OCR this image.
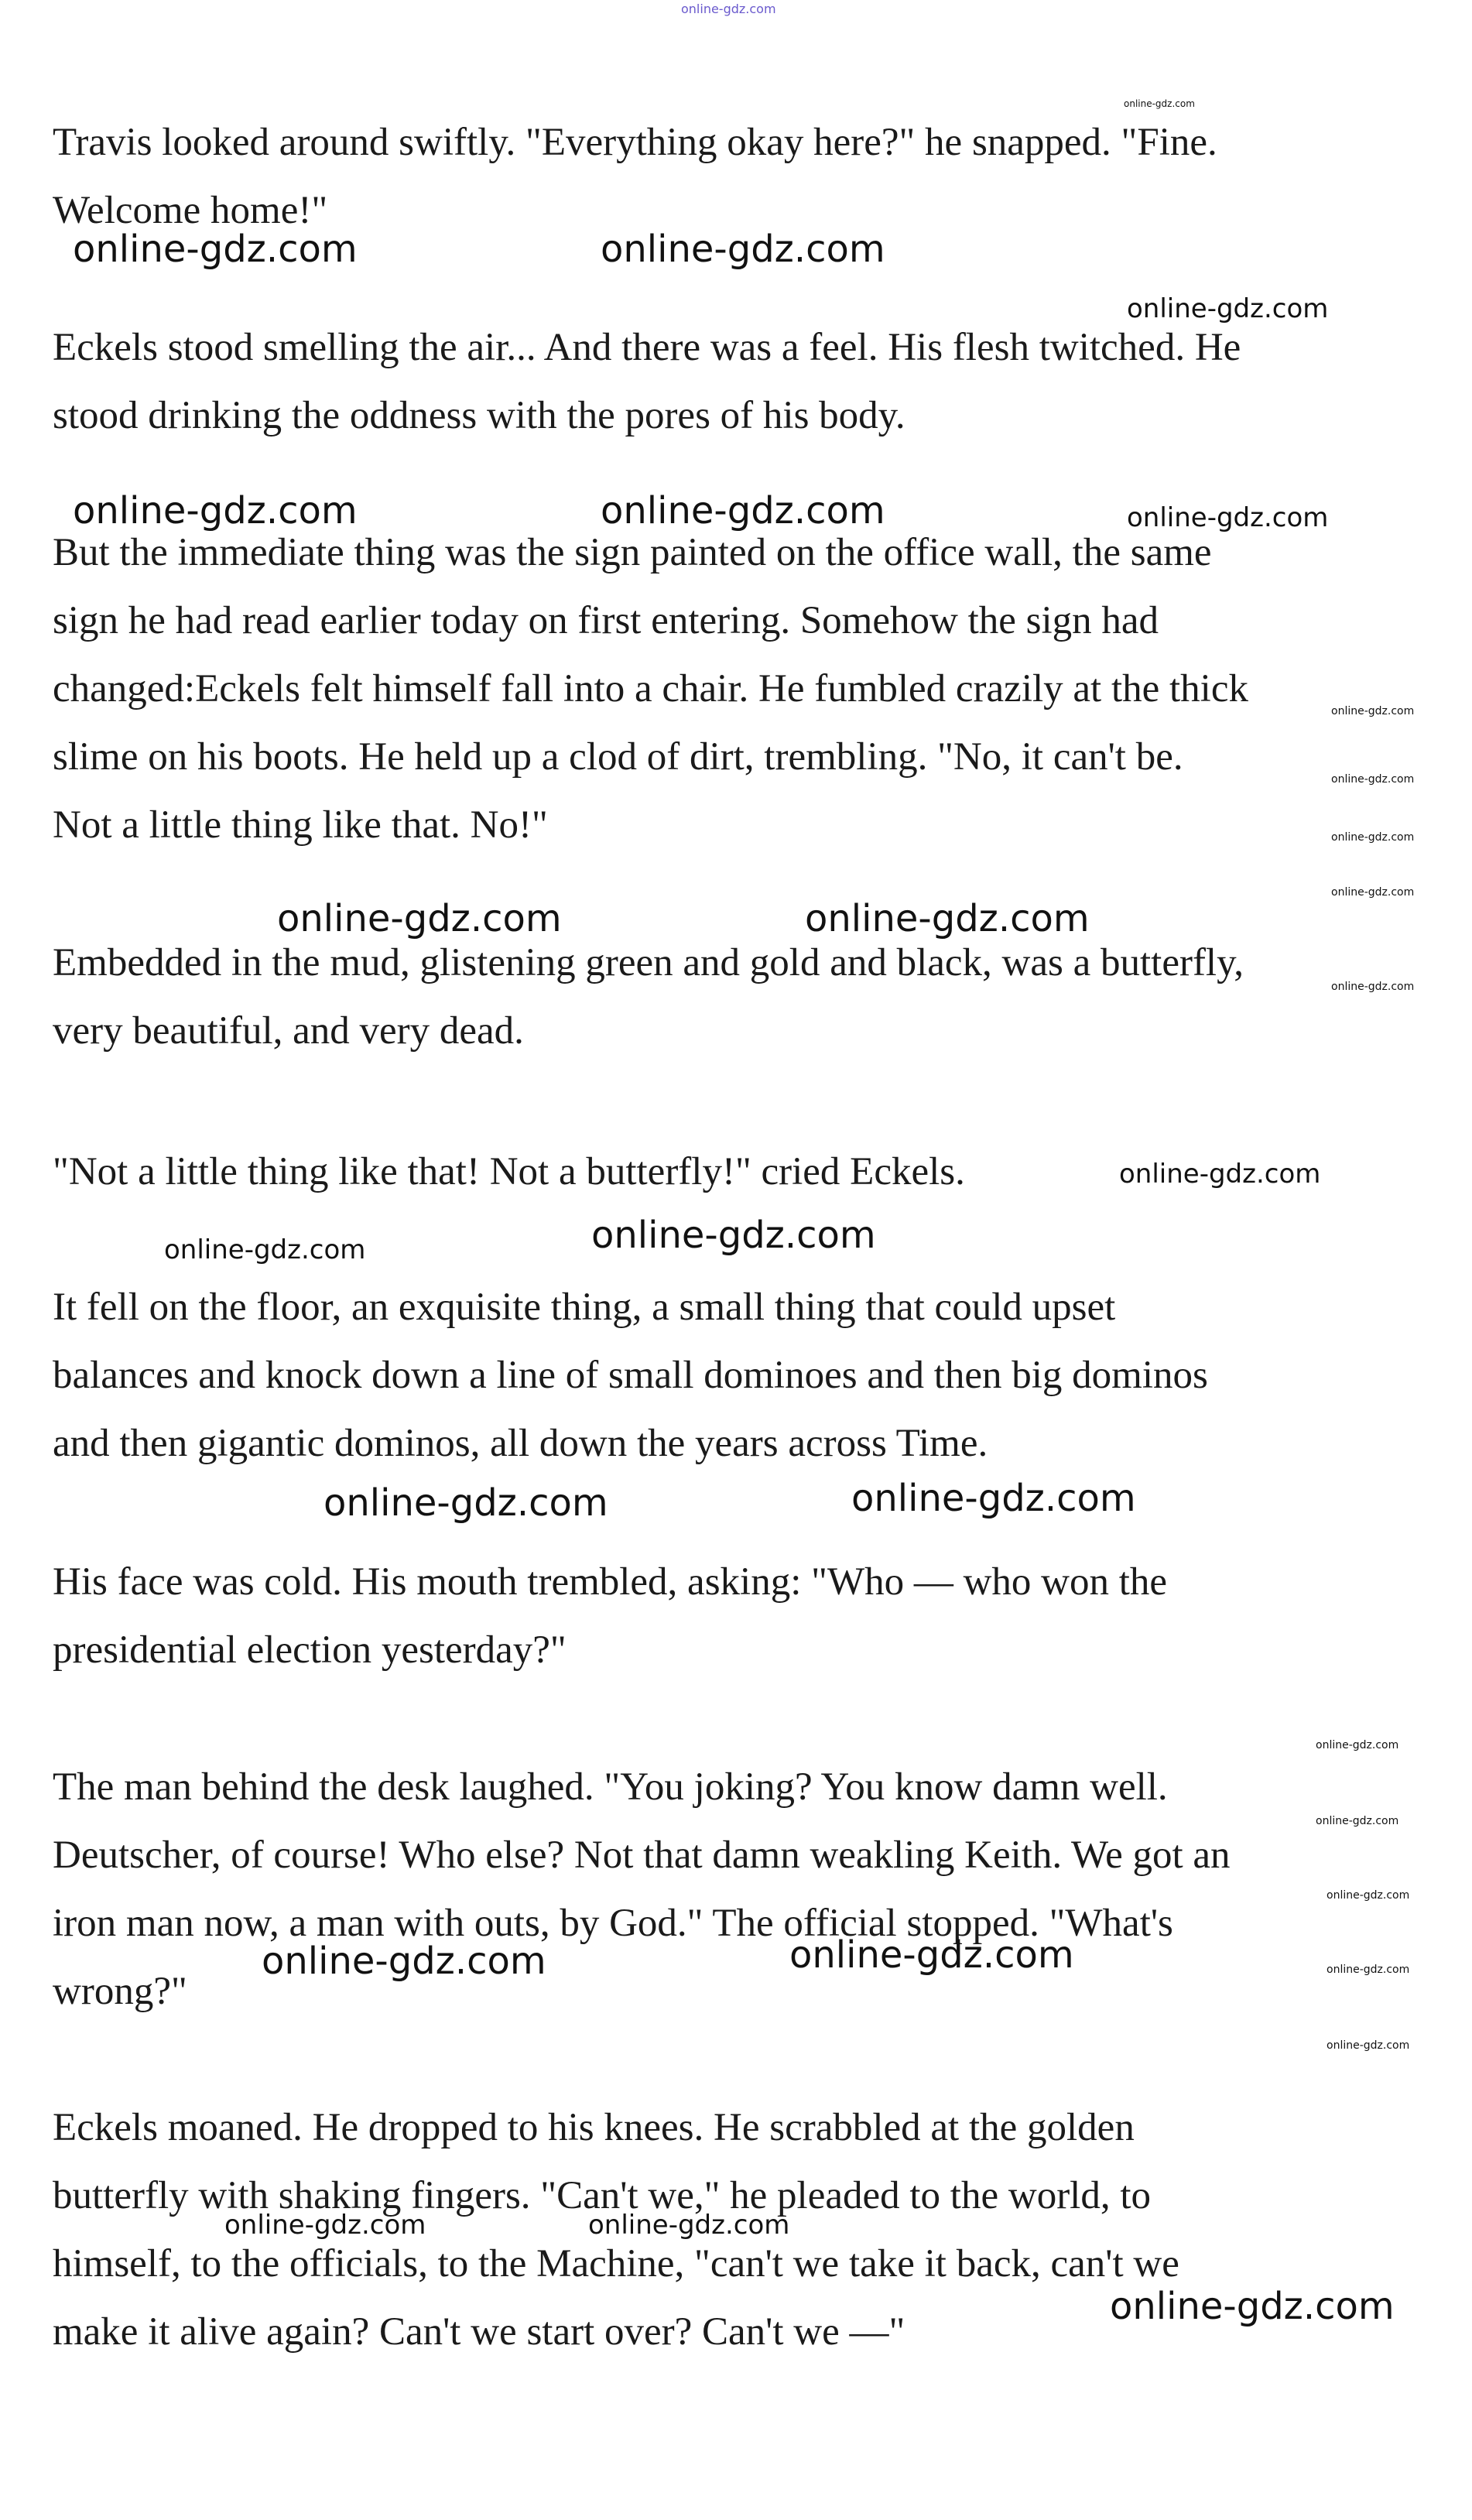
online-gdz.com

Travis looked around swiftly. "Everything okay here?" he snapped. "Fine.
Welcome home!"

Eckels stood smelling the air... And there was a feel. His flesh twitched. He
stood drinking the oddness with the pores of his body.

But the immediate thing was the sign painted on the office wall, the same
sign he had read earlier today on first entering. Somehow the sign had
changed:Eckels felt himself fall into a chair. He fumbled crazily at the thick
slime on his boots. He held up a clod of dirt, trembling. "No, it can't be.
Not a little thing like that. No!"

Embedded in the mud, glistening green and gold and black, was a butterfly,
very beautiful, and very dead.

"Not a little thing like that! Not a butterfly!" cried Eckels.

It fell on the floor, an exquisite thing, a small thing that could upset
balances and knock down a line of small dominoes and then big dominos
and then gigantic dominos, all down the years across Time.

His face was cold. His mouth trembled, asking: "Who — who won the
presidential election yesterday?"

The man behind the desk laughed. "You joking? You know damn well.
Deutscher, of course! Who else? Not that damn weakling Keith. We got an
iron man now, a man with outs, by God." The official stopped. "What's
wrong?"

Eckels moaned. He dropped to his knees. He scrabbled at the golden
butterfly with shaking fingers. "Can't we," he pleaded to the world, to
himself, to the officials, to the Machine, "can't we take it back, can't we
make it alive again? Can't we start over? Can't we —"

online-gdz.com
online-gdz.com	online-gdz.com
online-gdz.com
online-gdz.com	online-gdz.com	online-gdz.com
online-gdz.com
online-gdz.com
online-gdz.com
online-gdz.com
online-gdz.com	online-gdz.com
online-gdz.com
online-gdz.com
online-gdz.com	online-gdz.com
online-gdz.com	online-gdz.com
online-gdz.com
online-gdz.com
online-gdz.com
online-gdz.com
online-gdz.com
online-gdz.com	online-gdz.com
online-gdz.com	online-gdz.com
online-gdz.com
